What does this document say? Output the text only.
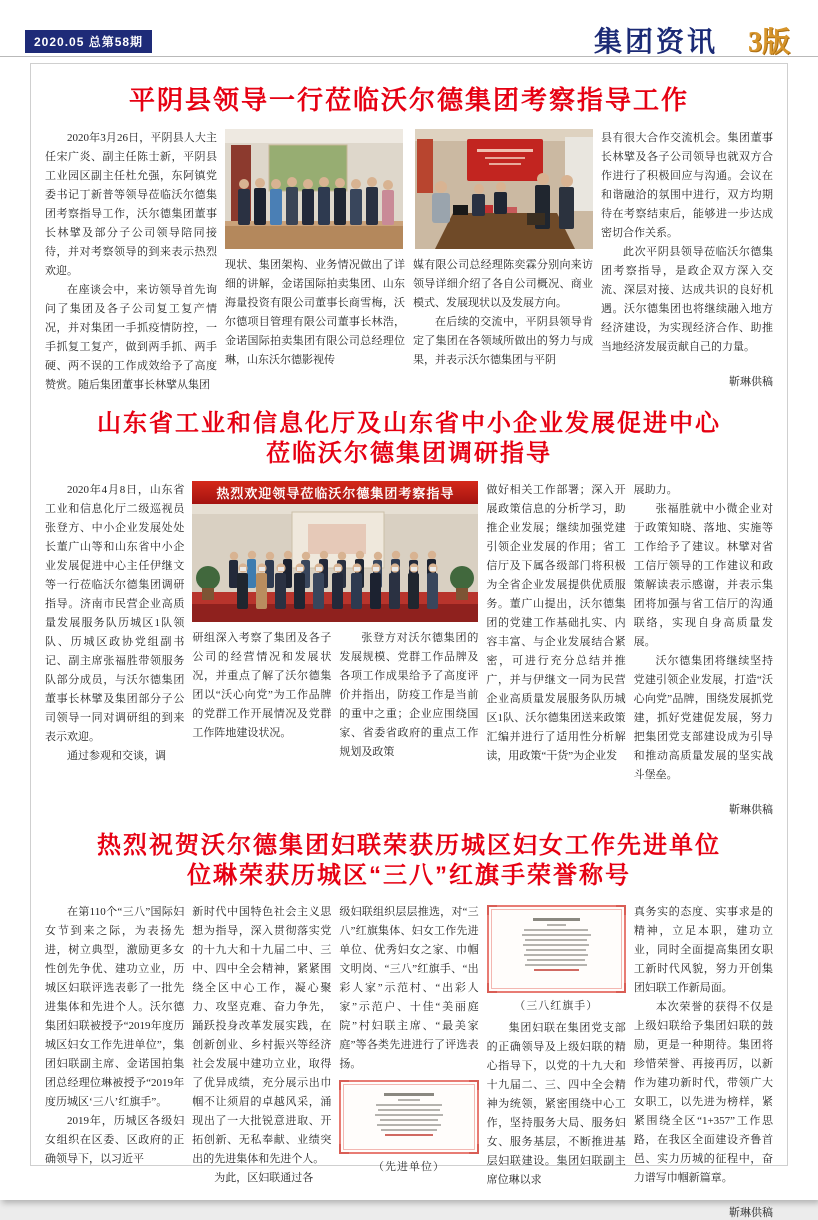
2020.05 总第58期	集团资讯 3版
平阴县领导一行莅临沃尔德集团考察指导工作

2020年3月26日，平阴县人大主任宋广炎、副主任陈士新，平阴县工业园区副主任杜允强，东阿镇党委书记丁新普等领导莅临沃尔德集团考察指导工作，沃尔德集团董事长林擘及部分子公司领导陪同接待，并对考察领导的到来表示热烈欢迎。

在座谈会中，来访领导首先询问了集团及各子公司复工复产情况，并对集团一手抓疫情防控，一手抓复工复产，做到两手抓、两手硬、两不误的工作成效给予了高度赞赏。随后集团董事长林擘从集团

现状、集团架构、业务情况做出了详细的讲解，金诺国际拍卖集团、山东海量投资有限公司董事长商雪梅，沃尔德项目管理有限公司董事长林浩，金诺国际拍卖集团有限公司总经理位琳，山东沃尔德影视传

媒有限公司总经理陈奕霖分别向来访领导详细介绍了各自公司概况、商业模式、发展现状以及发展方向。

在后续的交流中，平阴县领导肯定了集团在各领域所做出的努力与成果，并表示沃尔德集团与平阴

县有很大合作交流机会。集团董事长林擘及各子公司领导也就双方合作进行了积极回应与沟通。会议在和谐融洽的氛围中进行，双方均期待在考察结束后，能够进一步达成密切合作关系。

此次平阴县领导莅临沃尔德集团考察指导，是政企双方深入交流、深层对接、达成共识的良好机遇。沃尔德集团也将继续融入地方经济建设，为实现经济合作、助推当地经济发展贡献自己的力量。

靳琳供稿
山东省工业和信息化厅及山东省中小企业发展促进中心
莅临沃尔德集团调研指导

2020年4月8日，山东省工业和信息化厅二级巡视员张登方、中小企业发展处处长董广山等和山东省中小企业发展促进中心主任伊继文等一行莅临沃尔德集团调研指导。济南市民营企业高质量发展服务队历城区1队领队、历城区政协党组副书记、副主席张福胜带领服务队部分成员，与沃尔德集团董事长林擘及集团部分子公司领导一同对调研组的到来表示欢迎。

通过参观和交谈，调

热烈欢迎领导莅临沃尔德集团考察指导

研组深入考察了集团及各子公司的经营情况和发展状况，并重点了解了沃尔德集团以“沃心向党”为工作品牌的党群工作开展情况及党群工作阵地建设状况。

张登方对沃尔德集团的发展规模、党群工作品牌及各项工作成果给予了高度评价并指出，防疫工作是当前的重中之重；企业应围绕国家、省委省政府的重点工作规划及政策

做好相关工作部署；深入开展政策信息的分析学习，助推企业发展；继续加强党建引领企业发展的作用；省工信厅及下属各级部门将积极为全省企业发展提供优质服务。董广山提出，沃尔德集团的党建工作基础扎实、内容丰富、与企业发展结合紧密，可进行充分总结并推广，并与伊继文一同为民营企业高质量发展服务队历城区1队、沃尔德集团送来政策汇编并进行了适用性分析解读，用政策“干货”为企业发

展助力。

张福胜就中小微企业对于政策知晓、落地、实施等工作给予了建议。林擘对省工信厅领导的工作建议和政策解读表示感谢，并表示集团将加强与省工信厅的沟通联络，实现自身高质量发展。

沃尔德集团将继续坚持党建引领企业发展，打造“沃心向党”品牌，围绕发展抓党建，抓好党建促发展，努力把集团党支部建设成为引导和推动高质量发展的坚实战斗堡垒。

靳琳供稿
热烈祝贺沃尔德集团妇联荣获历城区妇女工作先进单位
位琳荣获历城区“三八”红旗手荣誉称号

在第110个“三八”国际妇女节到来之际，为表扬先进，树立典型，激励更多女性创先争优、建功立业，历城区妇联评选表彰了一批先进集体和先进个人。沃尔德集团妇联被授予“2019年度历城区妇女工作先进单位”，集团妇联副主席、金诺国拍集团总经理位琳被授予“2019年度历城区‘三八’红旗手”。

2019年，历城区各级妇女组织在区委、区政府的正确领导下，以习近平

新时代中国特色社会主义思想为指导，深入贯彻落实党的十九大和十九届二中、三中、四中全会精神，紧紧围绕全区中心工作，凝心聚力、攻坚克难、奋力争先，踊跃投身改革发展实践，在创新创业、乡村振兴等经济社会发展中建功立业，取得了优异成绩，充分展示出巾帼不让须眉的卓越风采，涌现出了一大批锐意进取、开拓创新、无私奉献、业绩突出的先进集体和先进个人。

为此，区妇联通过各

级妇联组织层层推选，对“三八”红旗集体、妇女工作先进单位、优秀妇女之家、巾帼文明岗、“三八”红旗手、“出彩人家”示范村、“出彩人家”示范户、十佳“美丽庭院”村妇联主席、“最美家庭”等各类先进进行了评选表扬。

（先进单位）
（三八红旗手）

集团妇联在集团党支部的正确领导及上级妇联的精心指导下，以党的十九大和十九届二、三、四中全会精神为统领，紧密围绕中心工作，坚持服务大局、服务妇女、服务基层，不断推进基层妇联建设。集团妇联副主席位琳以求

真务实的态度、实事求是的精神，立足本职，建功立业，同时全面提高集团女职工新时代风貌，努力开创集团妇联工作新局面。

本次荣誉的获得不仅是上级妇联给予集团妇联的鼓励，更是一种期待。集团将珍惜荣誉、再接再厉，以新作为建功新时代，带领广大女职工，以先进为榜样，紧紧围绕全区“1+357”工作思路，在我区全面建设齐鲁首邑、实力历城的征程中，奋力谱写巾帼新篇章。

靳琳供稿
